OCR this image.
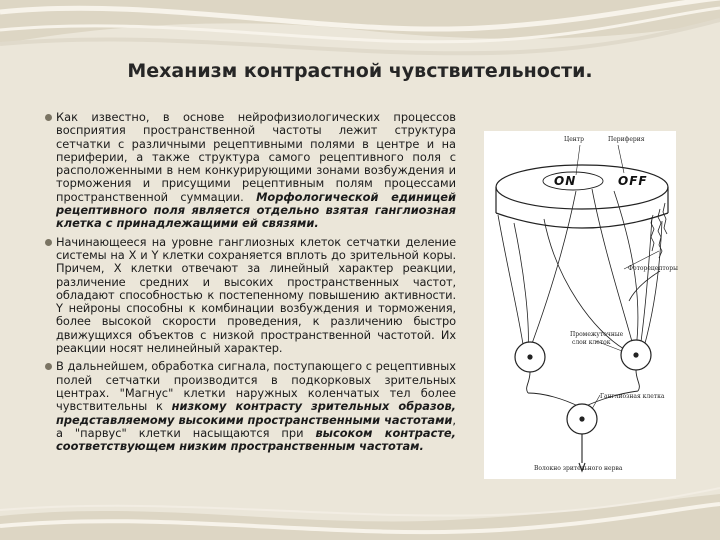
Механизм контрастной чувствительности.

Как известно, в основе нейрофизиологических процессов восприятия пространственной частоты лежит структура сетчатки с различными рецептивными полями в центре и на периферии, а также структура самого рецептивного поля с расположенными в нем конкурирующими зонами возбуждения и торможения и присущими рецептивным полям процессами пространственной суммации. Морфологической единицей рецептивного поля является отдельно взятая ганглиозная клетка с принадлежащими ей связями.

Начинающееся на уровне ганглиозных клеток сетчатки деление системы на X и Y клетки сохраняется вплоть до зрительной коры. Причем, X клетки отвечают за линейный характер реакции, различение средних и высоких пространственных частот, обладают способностью к постепенному повышению активности. Y нейроны способны к комбинации возбуждения и торможения, более высокой скорости проведения, к различению быстро движущихся объектов с низкой пространственной частотой. Их реакции носят нелинейный характер.

В дальнейшем, обработка сигнала, поступающего с рецептивных полей сетчатки производится в подкорковых зрительных центрах. "Магнус" клетки наружных коленчатых тел более чувствительны к низкому контрасту зрительных образов, представляемому высокими пространственными частотами, а "парвус" клетки насыщаются при высоком контрасте, соответствующем низким пространственным частотам.

Центр	Периферия
ON	OFF
Фоторецепторы
Промежуточные
слои клеток
Ганглиозная клетка
Волокно зрительного нерва
